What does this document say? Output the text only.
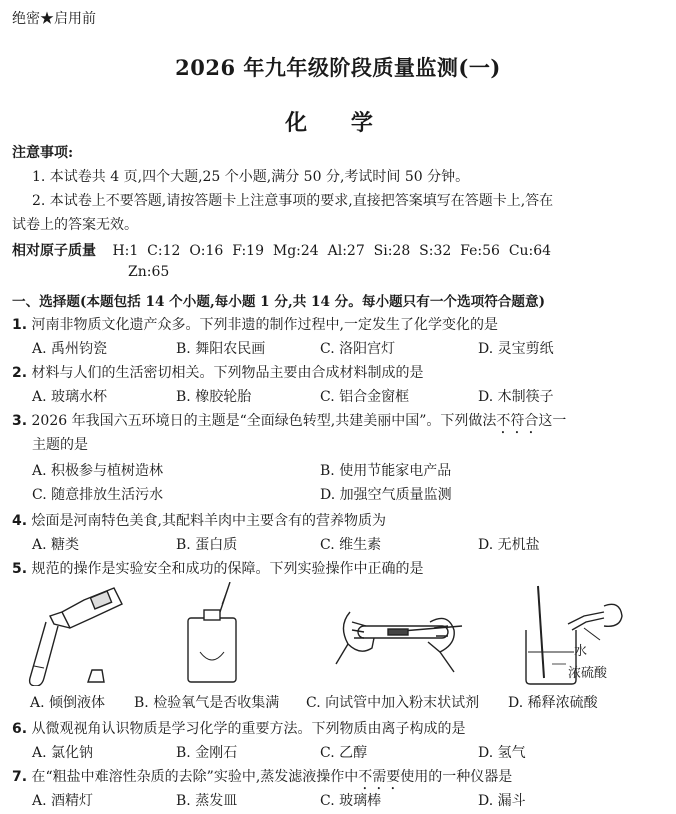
绝密★启用前
2026 年九年级阶段质量监测(一)
化 学
注意事项:
1. 本试卷共 4 页,四个大题,25 个小题,满分 50 分,考试时间 50 分钟。
2. 本试卷上不要答题,请按答题卡上注意事项的要求,直接把答案填写在答题卡上,答在
试卷上的答案无效。
相对原子质量 H:1  C:12  O:16  F:19  Mg:24  Al:27  Si:28  S:32  Fe:56  Cu:64
Zn:65
一、选择题(本题包括 14 个小题,每小题 1 分,共 14 分。每小题只有一个选项符合题意)
1. 河南非物质文化遗产众多。下列非遗的制作过程中,一定发生了化学变化的是
A. 禹州钧瓷	B. 舞阳农民画	C. 洛阳宫灯	D. 灵宝剪纸
2. 材料与人们的生活密切相关。下列物品主要由合成材料制成的是
A. 玻璃水杯	B. 橡胶轮胎	C. 铝合金窗框	D. 木制筷子
3. 2026 年我国六五环境日的主题是“全面绿色转型,共建美丽中国”。下列做法不符合这一
主题的是
A. 积极参与植树造林	B. 使用节能家电产品
C. 随意排放生活污水	D. 加强空气质量监测
4. 烩面是河南特色美食,其配料羊肉中主要含有的营养物质为
A. 糖类	B. 蛋白质	C. 维生素	D. 无机盐
5. 规范的操作是实验安全和成功的保障。下列实验操作中正确的是
水
浓硫酸
A. 倾倒液体 B. 检验氧气是否收集满 C. 向试管中加入粉末状试剂 D. 稀释浓硫酸
6. 从微观视角认识物质是学习化学的重要方法。下列物质由离子构成的是
A. 氯化钠	B. 金刚石	C. 乙醇	D. 氢气
7. 在“粗盐中难溶性杂质的去除”实验中,蒸发滤液操作中不需要使用的一种仪器是
A. 酒精灯	B. 蒸发皿	C. 玻璃棒	D. 漏斗
